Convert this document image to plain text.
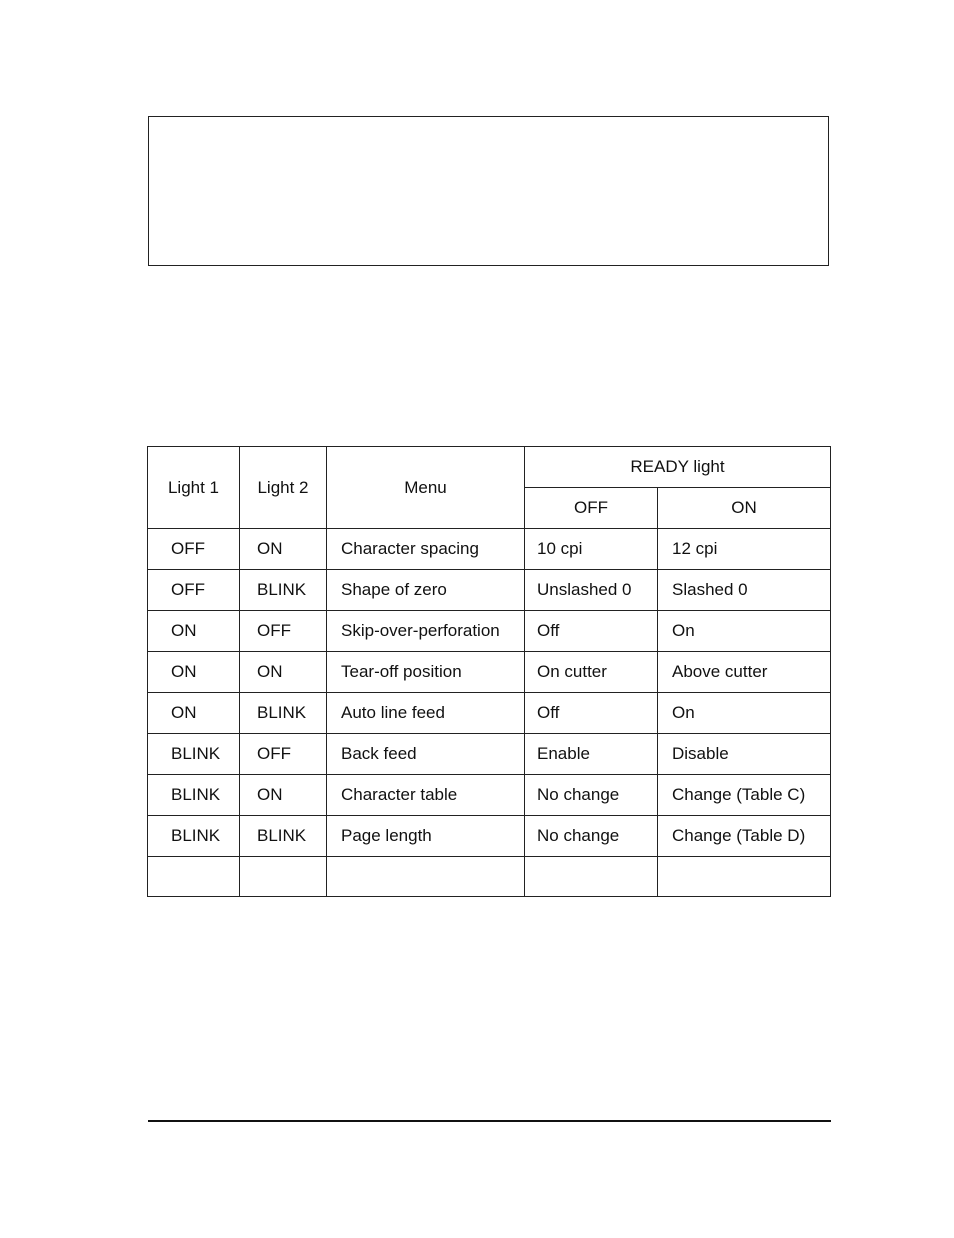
Light 1	Light 2	Menu	READY light	
			OFF	ON
OFF	ON	Character spacing	10 cpi	12 cpi
OFF	BLINK	Shape of zero	Unslashed 0	Slashed 0
ON	OFF	Skip-over-perforation	Off	On
ON	ON	Tear-off position	On cutter	Above cutter
ON	BLINK	Auto line feed	Off	On
BLINK	OFF	Back feed	Enable	Disable
BLINK	ON	Character table	No change	Change (Table C)
BLINK	BLINK	Page length	No change	Change (Table D)
